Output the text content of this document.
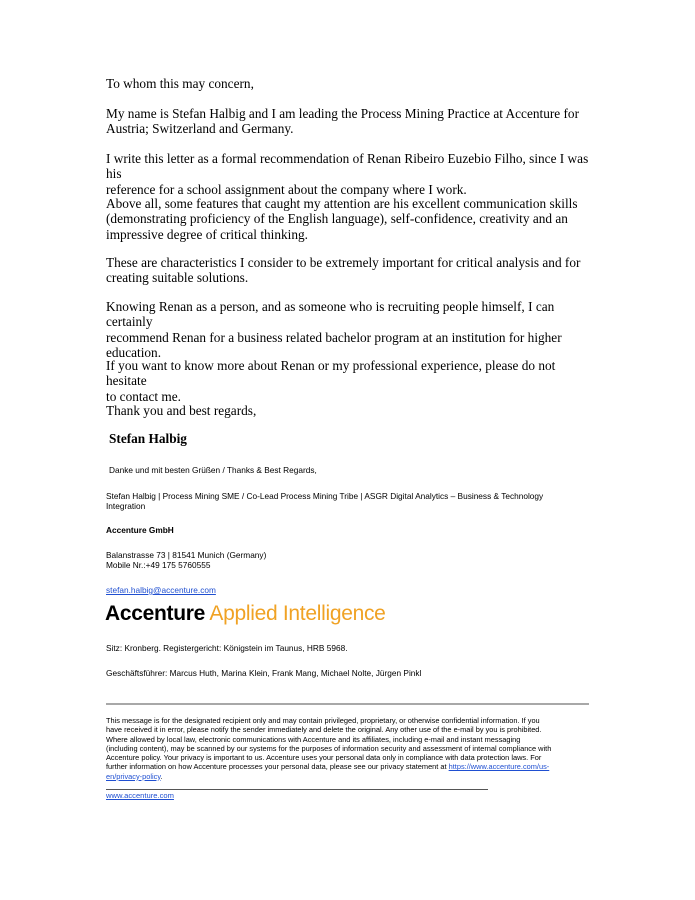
To whom this may concern,

My name is Stefan Halbig and I am leading the Process Mining Practice at Accenture for
Austria; Switzerland and Germany.

I write this letter as a formal recommendation of Renan Ribeiro Euzebio Filho, since I was his
reference for a school assignment about the company where I work.

Above all, some features that caught my attention are his excellent communication skills
(demonstrating proficiency of the English language), self-confidence, creativity and an
impressive degree of critical thinking.

These are characteristics I consider to be extremely important for critical analysis and for
creating suitable solutions.

Knowing Renan as a person, and as someone who is recruiting people himself, I can certainly
recommend Renan for a business related bachelor program at an institution for higher
education.

If you want to know more about Renan or my professional experience, please do not hesitate
to contact me.

Thank you and best regards,

Stefan Halbig

Danke und mit besten Grüßen / Thanks & Best Regards,

Stefan Halbig | Process Mining SME / Co-Lead Process Mining Tribe | ASGR Digital Analytics – Business & Technology
Integration

Accenture GmbH

Balanstrasse 73 | 81541 Munich (Germany)
Mobile Nr.:+49 175 5760555

stefan.halbig@accenture.com

Accenture Applied Intelligence

Sitz: Kronberg. Registergericht: Königstein im Taunus, HRB 5968.

Geschäftsführer: Marcus Huth, Marina Klein, Frank Mang, Michael Nolte, Jürgen Pinkl

This message is for the designated recipient only and may contain privileged, proprietary, or otherwise confidential information. If you
have received it in error, please notify the sender immediately and delete the original. Any other use of the e-mail by you is prohibited.
Where allowed by local law, electronic communications with Accenture and its affiliates, including e-mail and instant messaging
(including content), may be scanned by our systems for the purposes of information security and assessment of internal compliance with
Accenture policy. Your privacy is important to us. Accenture uses your personal data only in compliance with data protection laws. For
further information on how Accenture processes your personal data, please see our privacy statement at https://www.accenture.com/us-
en/privacy-policy.

www.accenture.com
